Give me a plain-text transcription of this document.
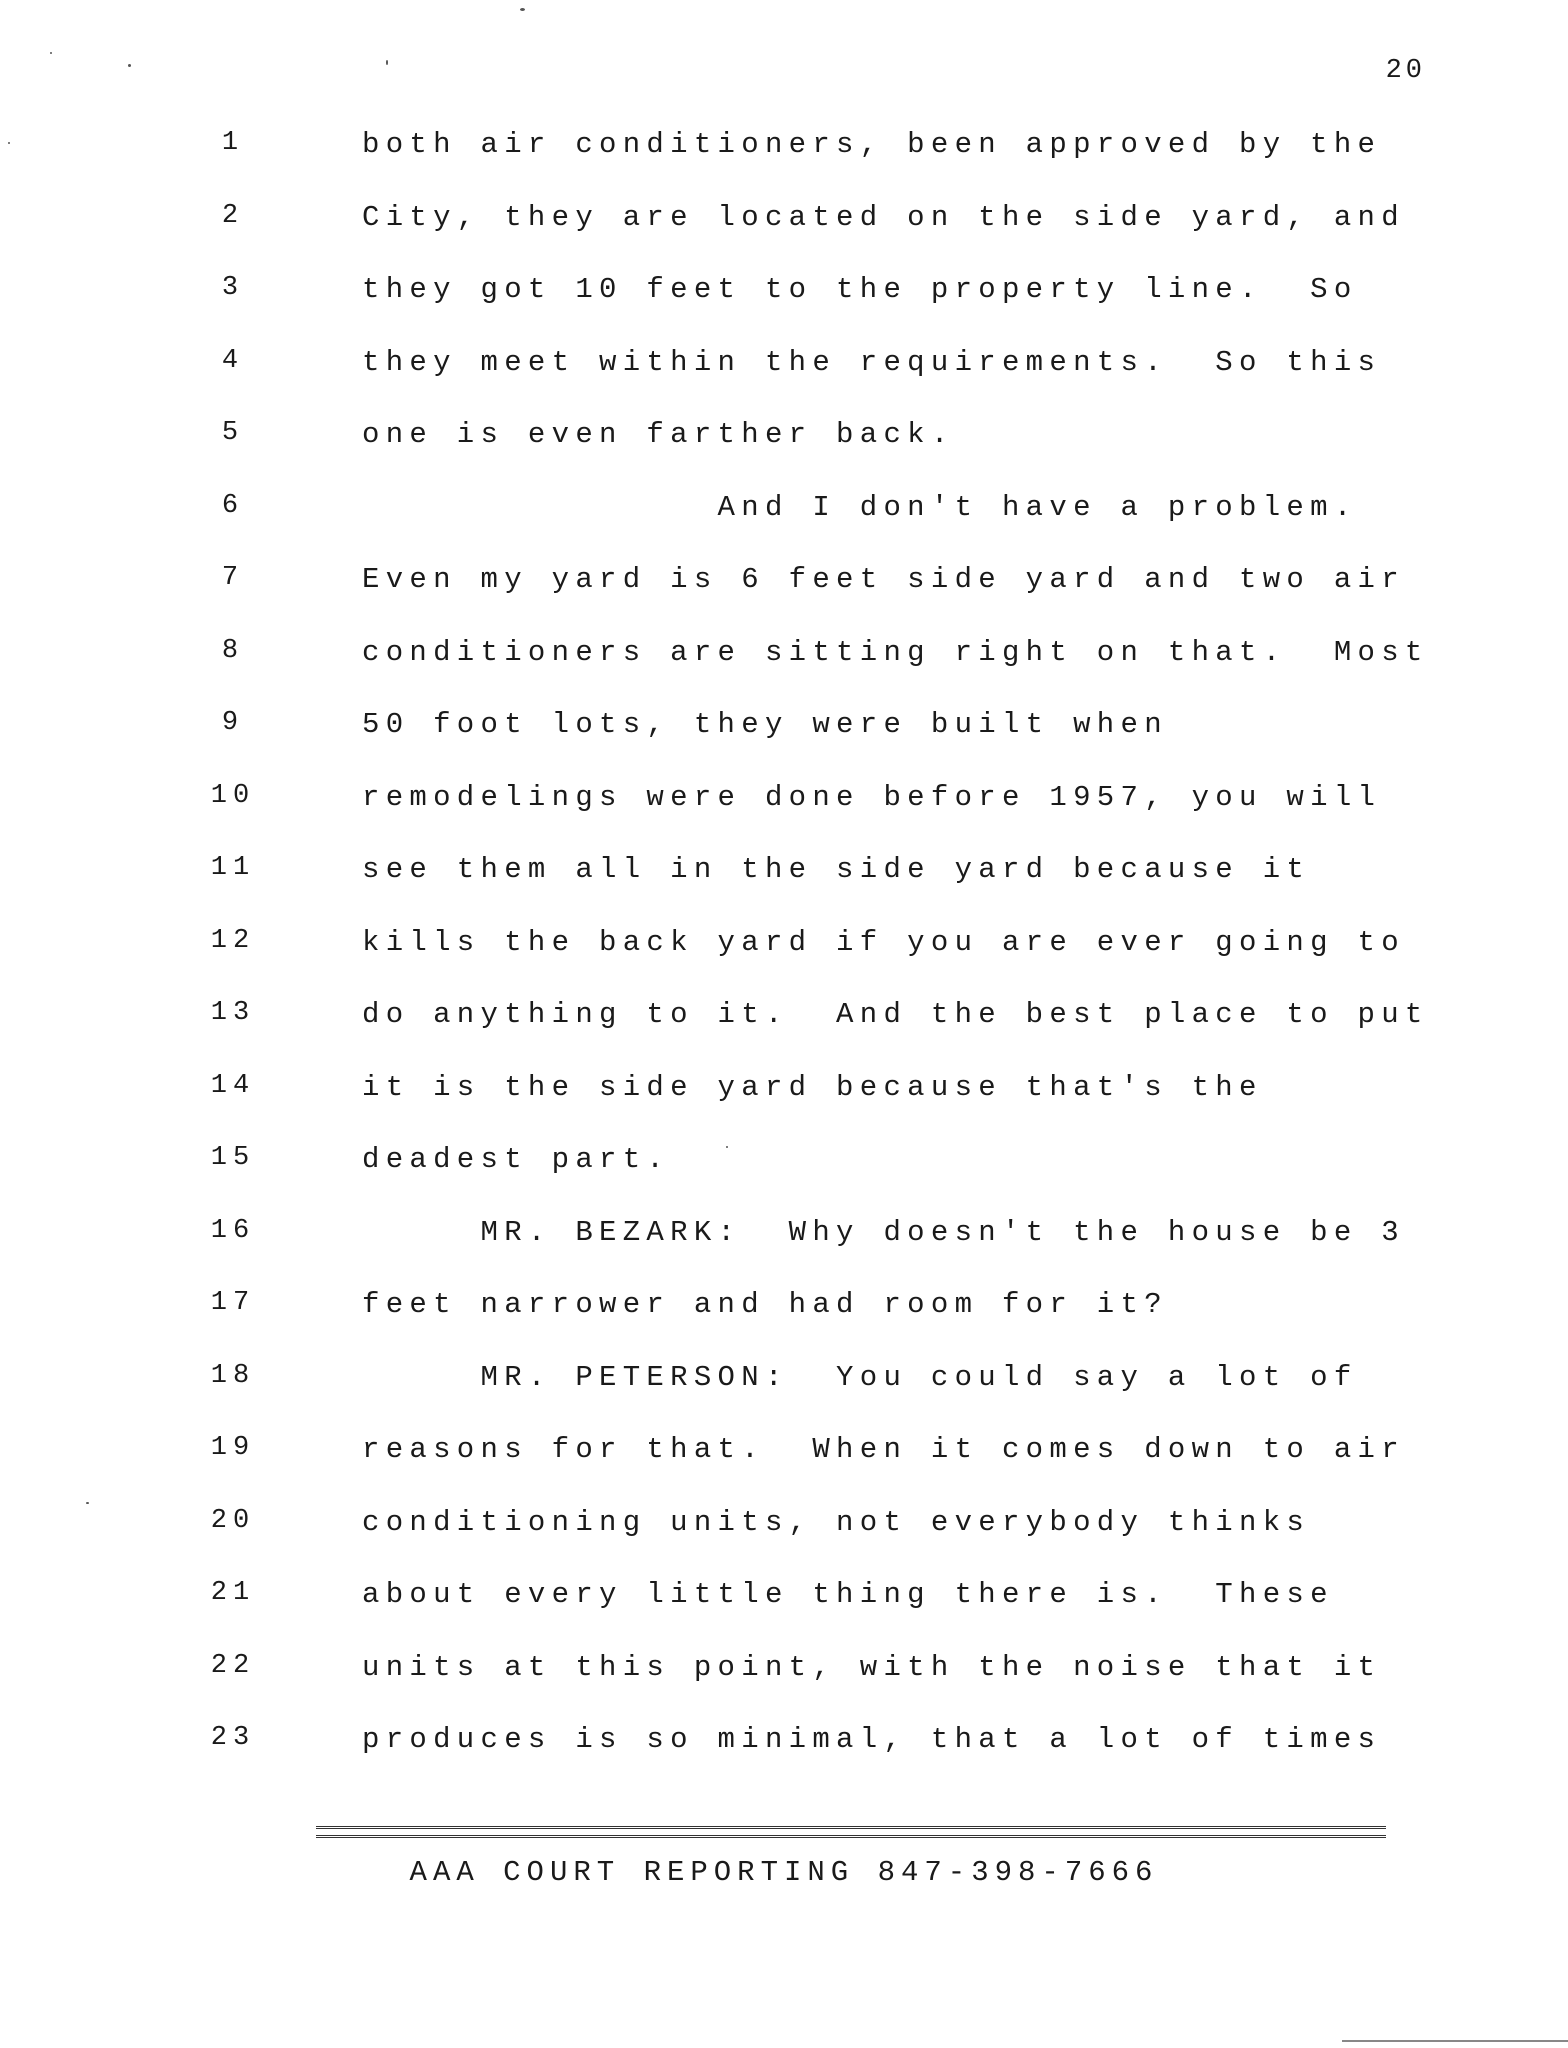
20
1	both air conditioners, been approved by the
2	City, they are located on the side yard, and
3	they got 10 feet to the property line.  So
4	they meet within the requirements.  So this
5	one is even farther back.
6	And I don't have a problem.
7	Even my yard is 6 feet side yard and two air
8	conditioners are sitting right on that.  Most
9	50 foot lots, they were built when
10	remodelings were done before 1957, you will
11	see them all in the side yard because it
12	kills the back yard if you are ever going to
13	do anything to it.  And the best place to put
14	it is the side yard because that's the
15	deadest part.
16	MR. BEZARK:  Why doesn't the house be 3
17	feet narrower and had room for it?
18	MR. PETERSON:  You could say a lot of
19	reasons for that.  When it comes down to air
20	conditioning units, not everybody thinks
21	about every little thing there is.  These
22	units at this point, with the noise that it
23	produces is so minimal, that a lot of times
AAA COURT REPORTING 847-398-7666
